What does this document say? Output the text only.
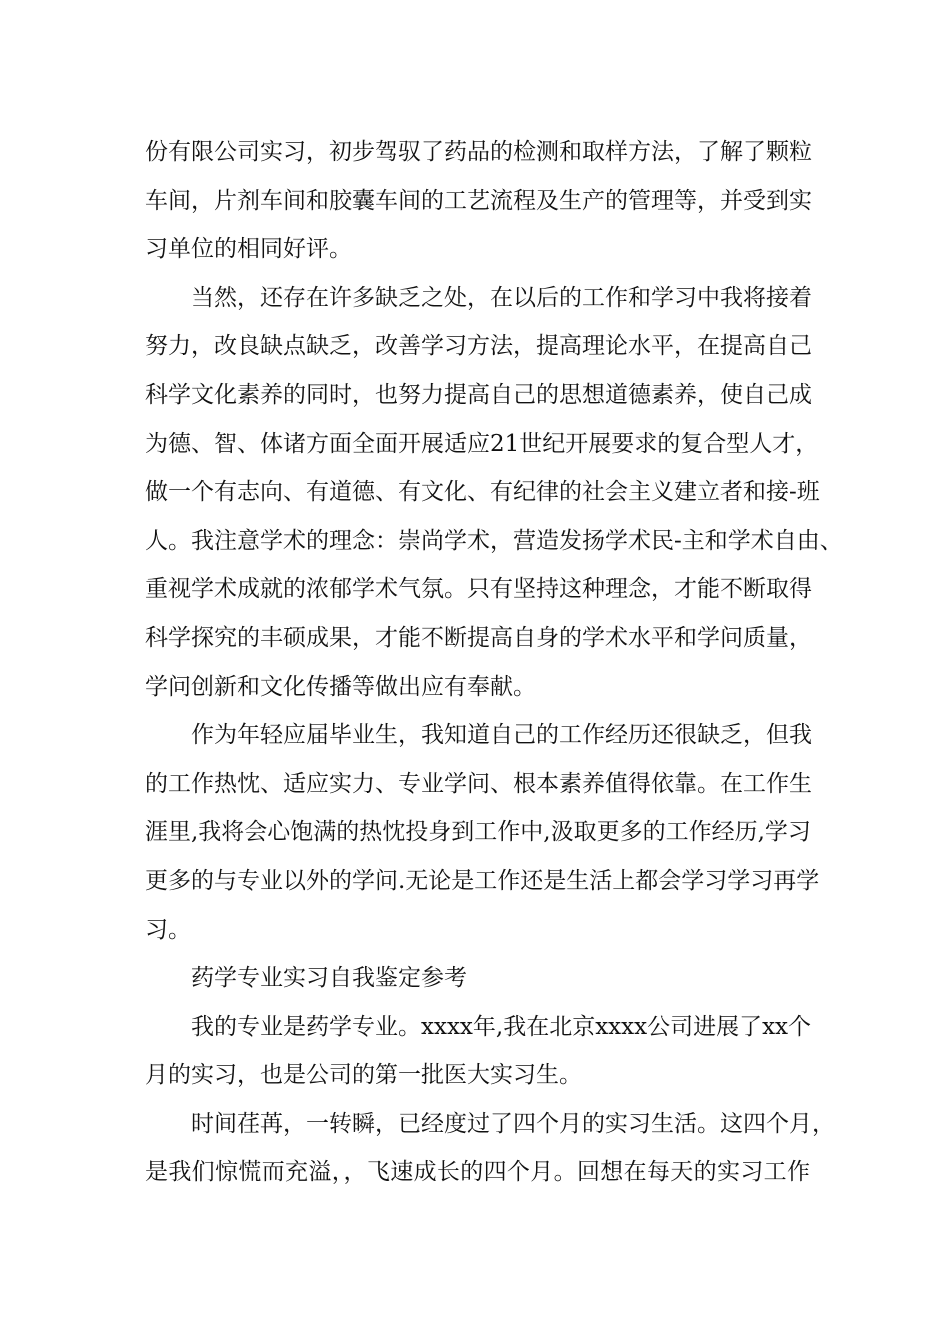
份有限公司实习，初步驾驭了药品的检测和取样方法，了解了颗粒
车间，片剂车间和胶囊车间的工艺流程及生产的管理等，并受到实
习单位的相同好评。
当然，还存在许多缺乏之处，在以后的工作和学习中我将接着
努力，改良缺点缺乏，改善学习方法，提高理论水平，在提高自己
科学文化素养的同时，也努力提高自己的思想道德素养，使自己成
为德、智、体诸方面全面开展适应21世纪开展要求的复合型人才，
做一个有志向、有道德、有文化、有纪律的社会主义建立者和接-班
人。我注意学术的理念：崇尚学术，营造发扬学术民-主和学术自由、
重视学术成就的浓郁学术气氛。只有坚持这种理念，才能不断取得
科学探究的丰硕成果，才能不断提高自身的学术水平和学问质量，
学问创新和文化传播等做出应有奉献。
作为年轻应届毕业生，我知道自己的工作经历还很缺乏，但我
的工作热忱、适应实力、专业学问、根本素养值得依靠。在工作生
涯里,我将会心饱满的热忱投身到工作中,汲取更多的工作经历,学习
更多的与专业以外的学问.无论是工作还是生活上都会学习学习再学
习。
药学专业实习自我鉴定参考
我的专业是药学专业。xxxx年,我在北京xxxx公司进展了xx个
月的实习，也是公司的第一批医大实习生。
时间荏苒，一转瞬，已经度过了四个月的实习生活。这四个月，
是我们惊慌而充溢，，飞速成长的四个月。回想在每天的实习工作
